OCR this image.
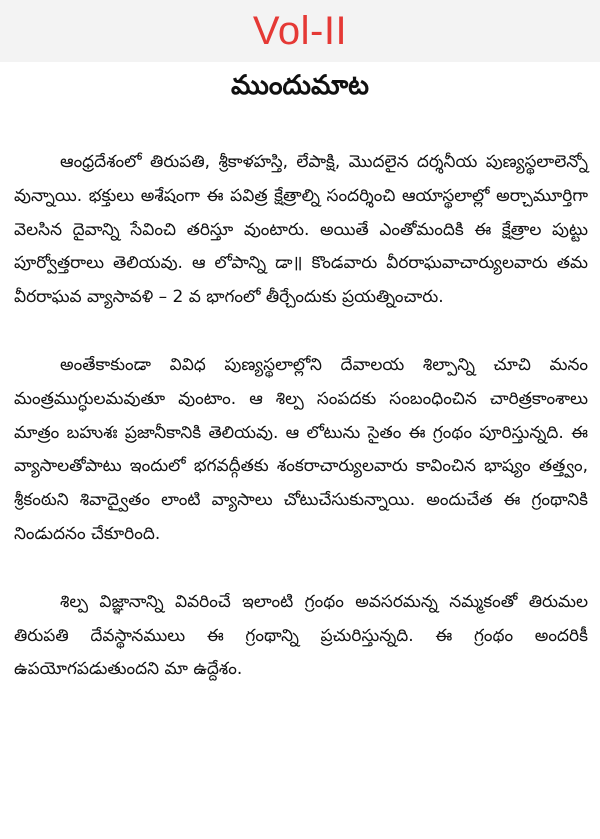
Vol-II
ముందుమాట

ఆంధ్రదేశంలో తిరుపతి, శ్రీకాళహస్తి, లేపాక్షి, మొదలైన దర్శనీయ పుణ్యస్థలాలెన్నో వున్నాయి. భక్తులు అశేషంగా ఈ పవిత్ర క్షేత్రాల్ని సందర్శించి ఆయాస్థలాల్లో అర్చామూర్తిగా వెలసిన దైవాన్ని సేవించి తరిస్తూ వుంటారు. అయితే ఎంతోమందికి ఈ క్షేత్రాల పుట్టు పూర్వోత్తరాలు తెలియవు. ఆ లోపాన్ని డా॥ కొండవారు వీరరాఘవాచార్యులవారు తమ వీరరాఘవ వ్యాసావళి – 2 వ భాగంలో తీర్చేందుకు ప్రయత్నించారు.

అంతేకాకుండా వివిధ పుణ్యస్థలాల్లోని దేవాలయ శిల్పాన్ని చూచి మనం మంత్రముగ్ధులమవుతూ వుంటాం. ఆ శిల్ప సంపదకు సంబంధించిన చారిత్రకాంశాలు మాత్రం బహుశః ప్రజానీకానికి తెలియవు. ఆ లోటును సైతం ఈ గ్రంథం పూరిస్తున్నది. ఈ వ్యాసాలతోపాటు ఇందులో భగవద్గీతకు శంకరాచార్యులవారు కావించిన భాష్యం తత్త్వం, శ్రీకంఠుని శివాద్వైతం లాంటి వ్యాసాలు చోటుచేసుకున్నాయి. అందుచేత ఈ గ్రంథానికి నిండుదనం చేకూరింది.

శిల్ప విజ్ఞానాన్ని వివరించే ఇలాంటి గ్రంథం అవసరమన్న నమ్మకంతో తిరుమల తిరుపతి దేవస్థానములు ఈ గ్రంథాన్ని ప్రచురిస్తున్నది. ఈ గ్రంథం అందరికీ ఉపయోగపడుతుందని మా ఉద్దేశం.
